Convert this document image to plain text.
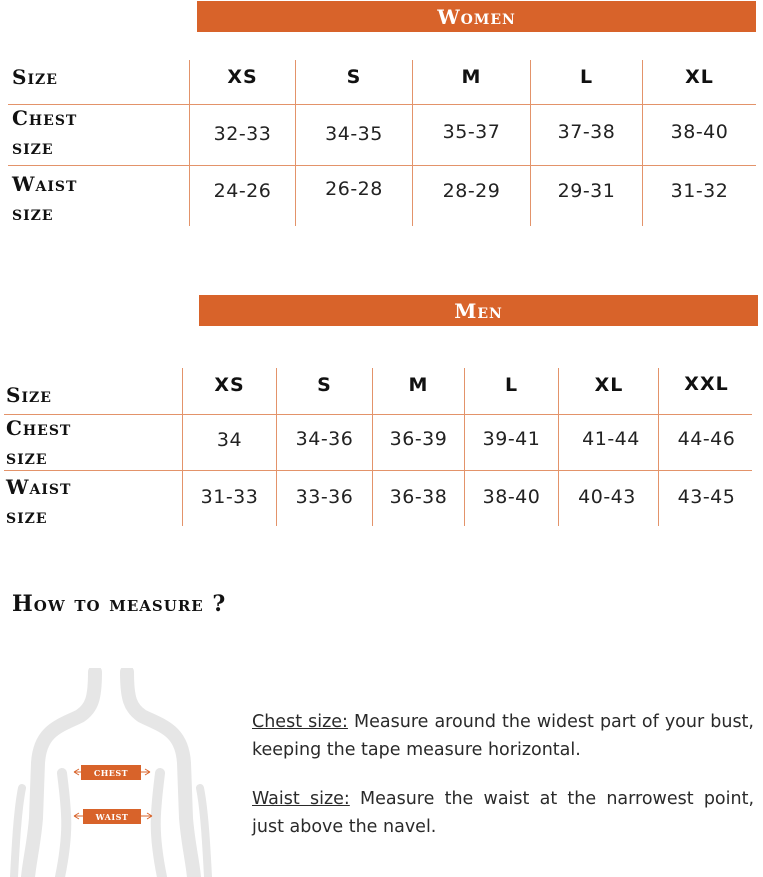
Women
Size	XS	S	M	L	XL
Chest
size
32-33	34-35	35-37	37-38	38-40
Waist
size
24-26	26-28	28-29	29-31	31-32
Men
Size	XS	S	M	L	XL	XXL
Chest
size
34	34-36	36-39	39-41	41-44	44-46
Waist
size
31-33	33-36	36-38	38-40	40-43	43-45
How to measure ?
chest
waist
Chest size: Measure around the widest part of your bust, keeping the tape measure horizontal.
Waist size: Measure the waist at the narrowest point, just above the navel.
